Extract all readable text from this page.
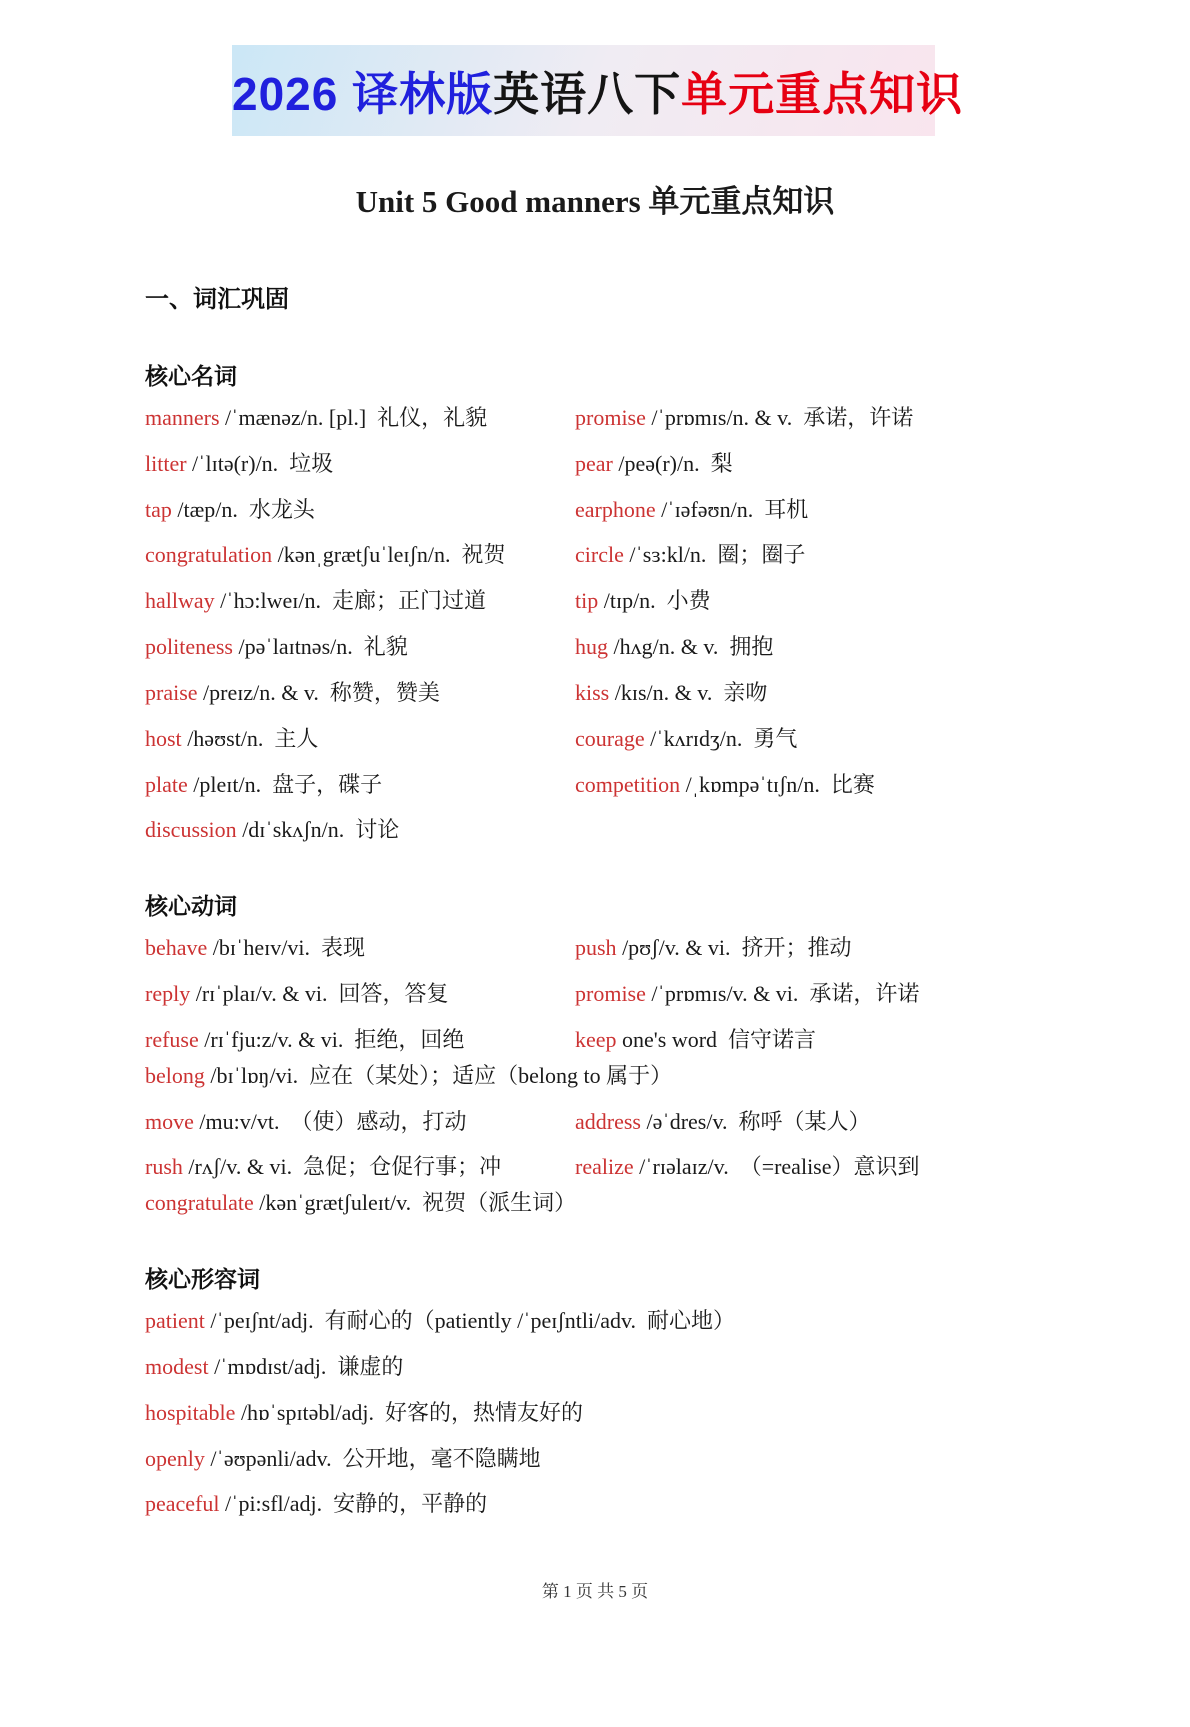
2026 译林版英语八下单元重点知识
Unit 5 Good manners 单元重点知识
一、词汇巩固
核心名词
manners /ˈmænəz/n. [pl.]  礼仪，礼貌	promise /ˈprɒmɪs/n. & v.  承诺，许诺
litter /ˈlɪtə(r)/n.  垃圾	pear /peə(r)/n.  梨
tap /tæp/n.  水龙头	earphone /ˈɪəfəʊn/n.  耳机
congratulation /kənˌgrætʃuˈleɪʃn/n.  祝贺	circle /ˈsɜ:kl/n.  圈；圈子
hallway /ˈhɔ:lweɪ/n.  走廊；正门过道	tip /tɪp/n.  小费
politeness /pəˈlaɪtnəs/n.  礼貌	hug /hʌg/n. & v.  拥抱
praise /preɪz/n. & v.  称赞，赞美	kiss /kɪs/n. & v.  亲吻
host /həʊst/n.  主人	courage /ˈkʌrɪdʒ/n.  勇气
plate /pleɪt/n.  盘子，碟子	competition /ˌkɒmpəˈtɪʃn/n.  比赛
discussion /dɪˈskʌʃn/n.  讨论
核心动词
behave /bɪˈheɪv/vi.  表现	push /pʊʃ/v. & vi.  挤开；推动
reply /rɪˈplaɪ/v. & vi.  回答，答复	promise /ˈprɒmɪs/v. & vi.  承诺，许诺
refuse /rɪˈfju:z/v. & vi.  拒绝，回绝	keep one's word  信守诺言
belong /bɪˈlɒŋ/vi.  应在（某处）；适应（belong to 属于）
move /mu:v/vt.  （使）感动，打动	address /əˈdres/v.  称呼（某人）
rush /rʌʃ/v. & vi.  急促；仓促行事；冲	realize /ˈrɪəlaɪz/v.  （=realise）意识到
congratulate /kənˈgrætʃuleɪt/v.  祝贺（派生词）
核心形容词
patient /ˈpeɪʃnt/adj.  有耐心的（patiently /ˈpeɪʃntli/adv.  耐心地）
modest /ˈmɒdɪst/adj.  谦虚的
hospitable /hɒˈspɪtəbl/adj.  好客的，热情友好的
openly /ˈəʊpənli/adv.  公开地，毫不隐瞒地
peaceful /ˈpi:sfl/adj.  安静的，平静的
第 1 页 共 5 页
